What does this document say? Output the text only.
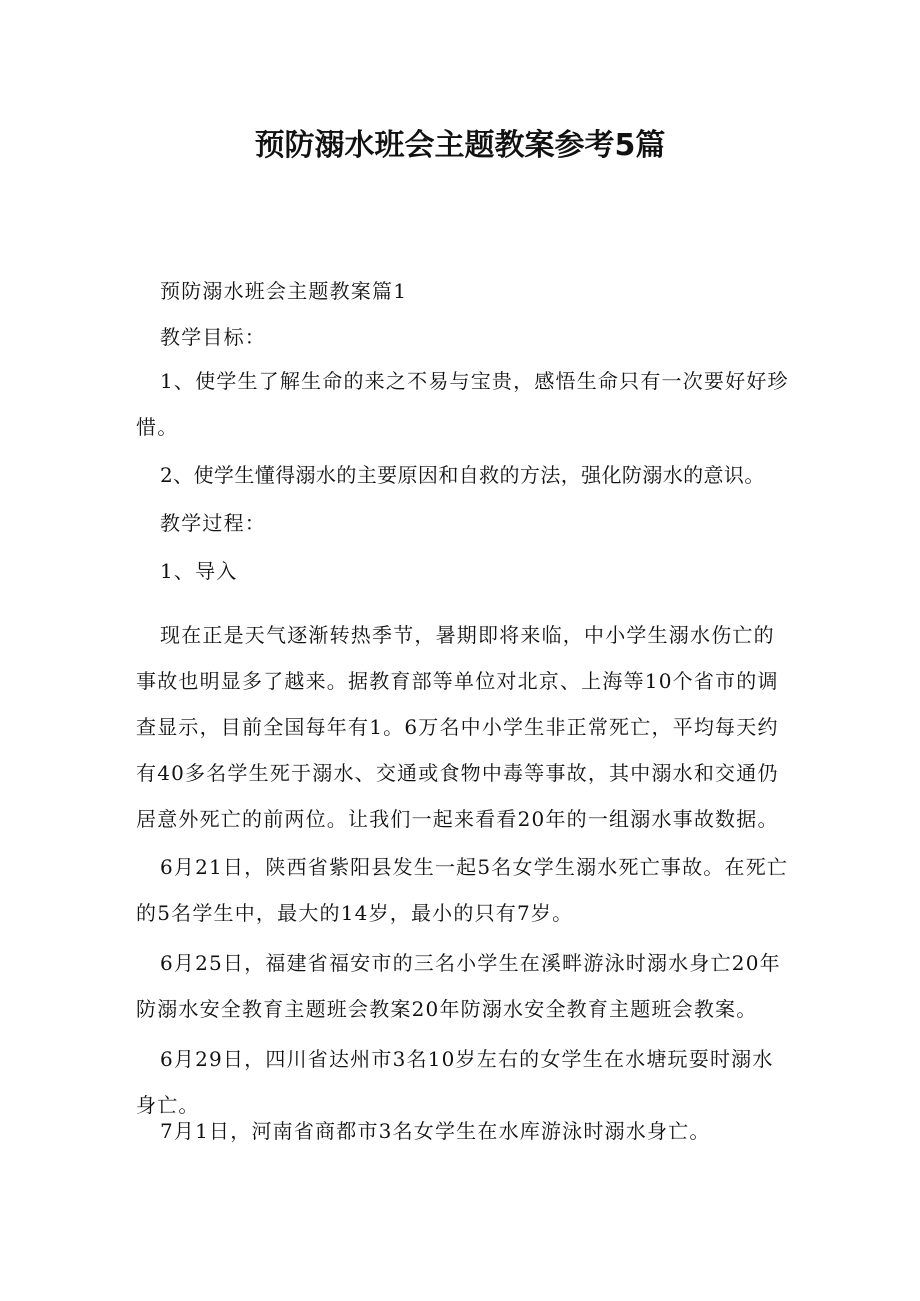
预防溺水班会主题教案参考5篇

预防溺水班会主题教案篇1

教学目标：

1、使学生了解生命的来之不易与宝贵，感悟生命只有一次要好好珍惜。

2、使学生懂得溺水的主要原因和自救的方法，强化防溺水的意识。

教学过程：

1、导入

现在正是天气逐渐转热季节，暑期即将来临，中小学生溺水伤亡的事故也明显多了越来。据教育部等单位对北京、上海等10个省市的调查显示，目前全国每年有1。6万名中小学生非正常死亡，平均每天约有40多名学生死于溺水、交通或食物中毒等事故，其中溺水和交通仍居意外死亡的前两位。让我们一起来看看20年的一组溺水事故数据。

6月21日，陕西省紫阳县发生一起5名女学生溺水死亡事故。在死亡的5名学生中，最大的14岁，最小的只有7岁。

6月25日，福建省福安市的三名小学生在溪畔游泳时溺水身亡20年防溺水安全教育主题班会教案20年防溺水安全教育主题班会教案。

6月29日，四川省达州市3名10岁左右的女学生在水塘玩耍时溺水身亡。

7月1日，河南省商都市3名女学生在水库游泳时溺水身亡。
